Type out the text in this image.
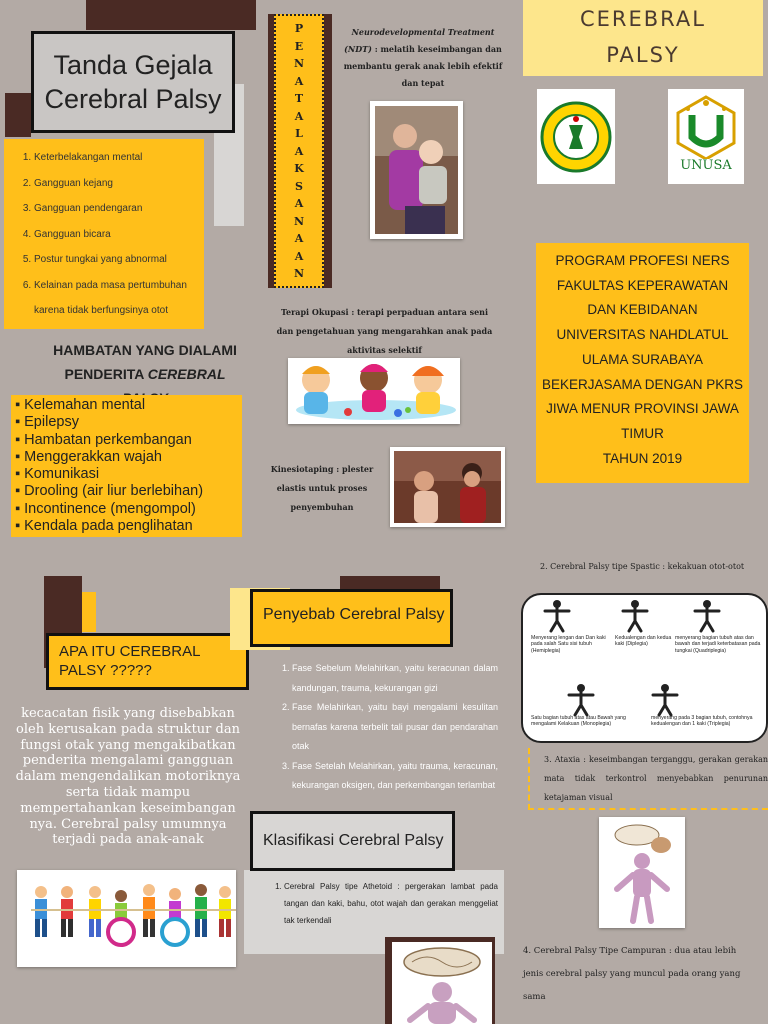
Tanda Gejala
Cerebral Palsy
1. Keterbelakangan mental
2. Gangguan kejang
3. Gangguan pendengaran
4. Gangguan bicara
5. Postur tungkai yang abnormal
6. Kelainan pada masa pertumbuhan karena tidak berfungsinya otot
HAMBATAN YANG DIALAMI
PENDERITA CEREBRAL
▪ Kelemahan mental
▪ Epilepsy
▪ Hambatan perkembangan
▪ Menggerakkan wajah
▪ Komunikasi
▪ Drooling (air liur berlebihan)
▪ Incontinence (mengompol)
▪ Kendala pada penglihatan
APA ITU CEREBRAL
PALSY ?????
kecacatan fisik yang disebabkan oleh kerusakan pada struktur dan fungsi otak yang mengakibatkan penderita mengalami gangguan dalam mengendalikan motoriknya serta tidak mampu mempertahankan keseimbangan nya. Cerebral palsy umumnya terjadi pada anak-anak
P
E
N
A
T
A
L
A
K
S
A
N
A
A
N
Neurodevelopmental Treatment (NDT) : melatih keseimbangan dan membantu gerak anak lebih efektif dan tepat
Terapi Okupasi : terapi perpaduan antara seni dan pengetahuan yang mengarahkan anak pada aktivitas selektif
Kinesiotaping : plester elastis untuk proses penyembuhan
Penyebab Cerebral Palsy
1. Fase Sebelum Melahirkan, yaitu keracunan dalam kandungan, trauma, kekurangan gizi
2. Fase Melahirkan, yaitu bayi mengalami kesulitan bernafas karena terbelit tali pusar dan pendarahan otak
3. Fase Setelah Melahirkan, yaitu trauma, keracunan, kekurangan oksigen, dan perkembangan terlambat
Klasifikasi Cerebral Palsy
1. Cerebral Palsy tipe Athetoid : pergerakan lambat pada tangan dan kaki, bahu, otot wajah dan gerakan menggeliat tak terkendali
CEREBRAL
PALSY
UNUSA
PROGRAM PROFESI NERS
FAKULTAS KEPERAWATAN
DAN KEBIDANAN
UNIVERSITAS NAHDLATUL
ULAMA SURABAYA
BEKERJASAMA DENGAN PKRS
JIWA MENUR PROVINSI JAWA
TIMUR
TAHUN 2019
2. Cerebral Palsy tipe Spastic : kekakuan otot-otot
Menyerang lengan dan Dan kaki pada salah Satu sisi tubuh (Hemiplegia)
Kedualengan dan kedua kaki (Diplegia)
menyerang bagian tubuh atas dan bawah dan terjadi keterbatasan pada tungkai (Quadriplegia)
Satu bagian tubuh atas atau Bawah yang mengalami Kelakuan (Monoplegia)
menyerang pada 3 bagian tubuh, contohnya kedualengan dan 1 kaki (Triplegia)
3. Ataxia : keseimbangan terganggu, gerakan gerakan mata tidak terkontrol menyebabkan penurunan ketajaman visual
4. Cerebral Palsy Tipe Campuran : dua atau lebih jenis cerebral palsy yang muncul pada orang yang sama
